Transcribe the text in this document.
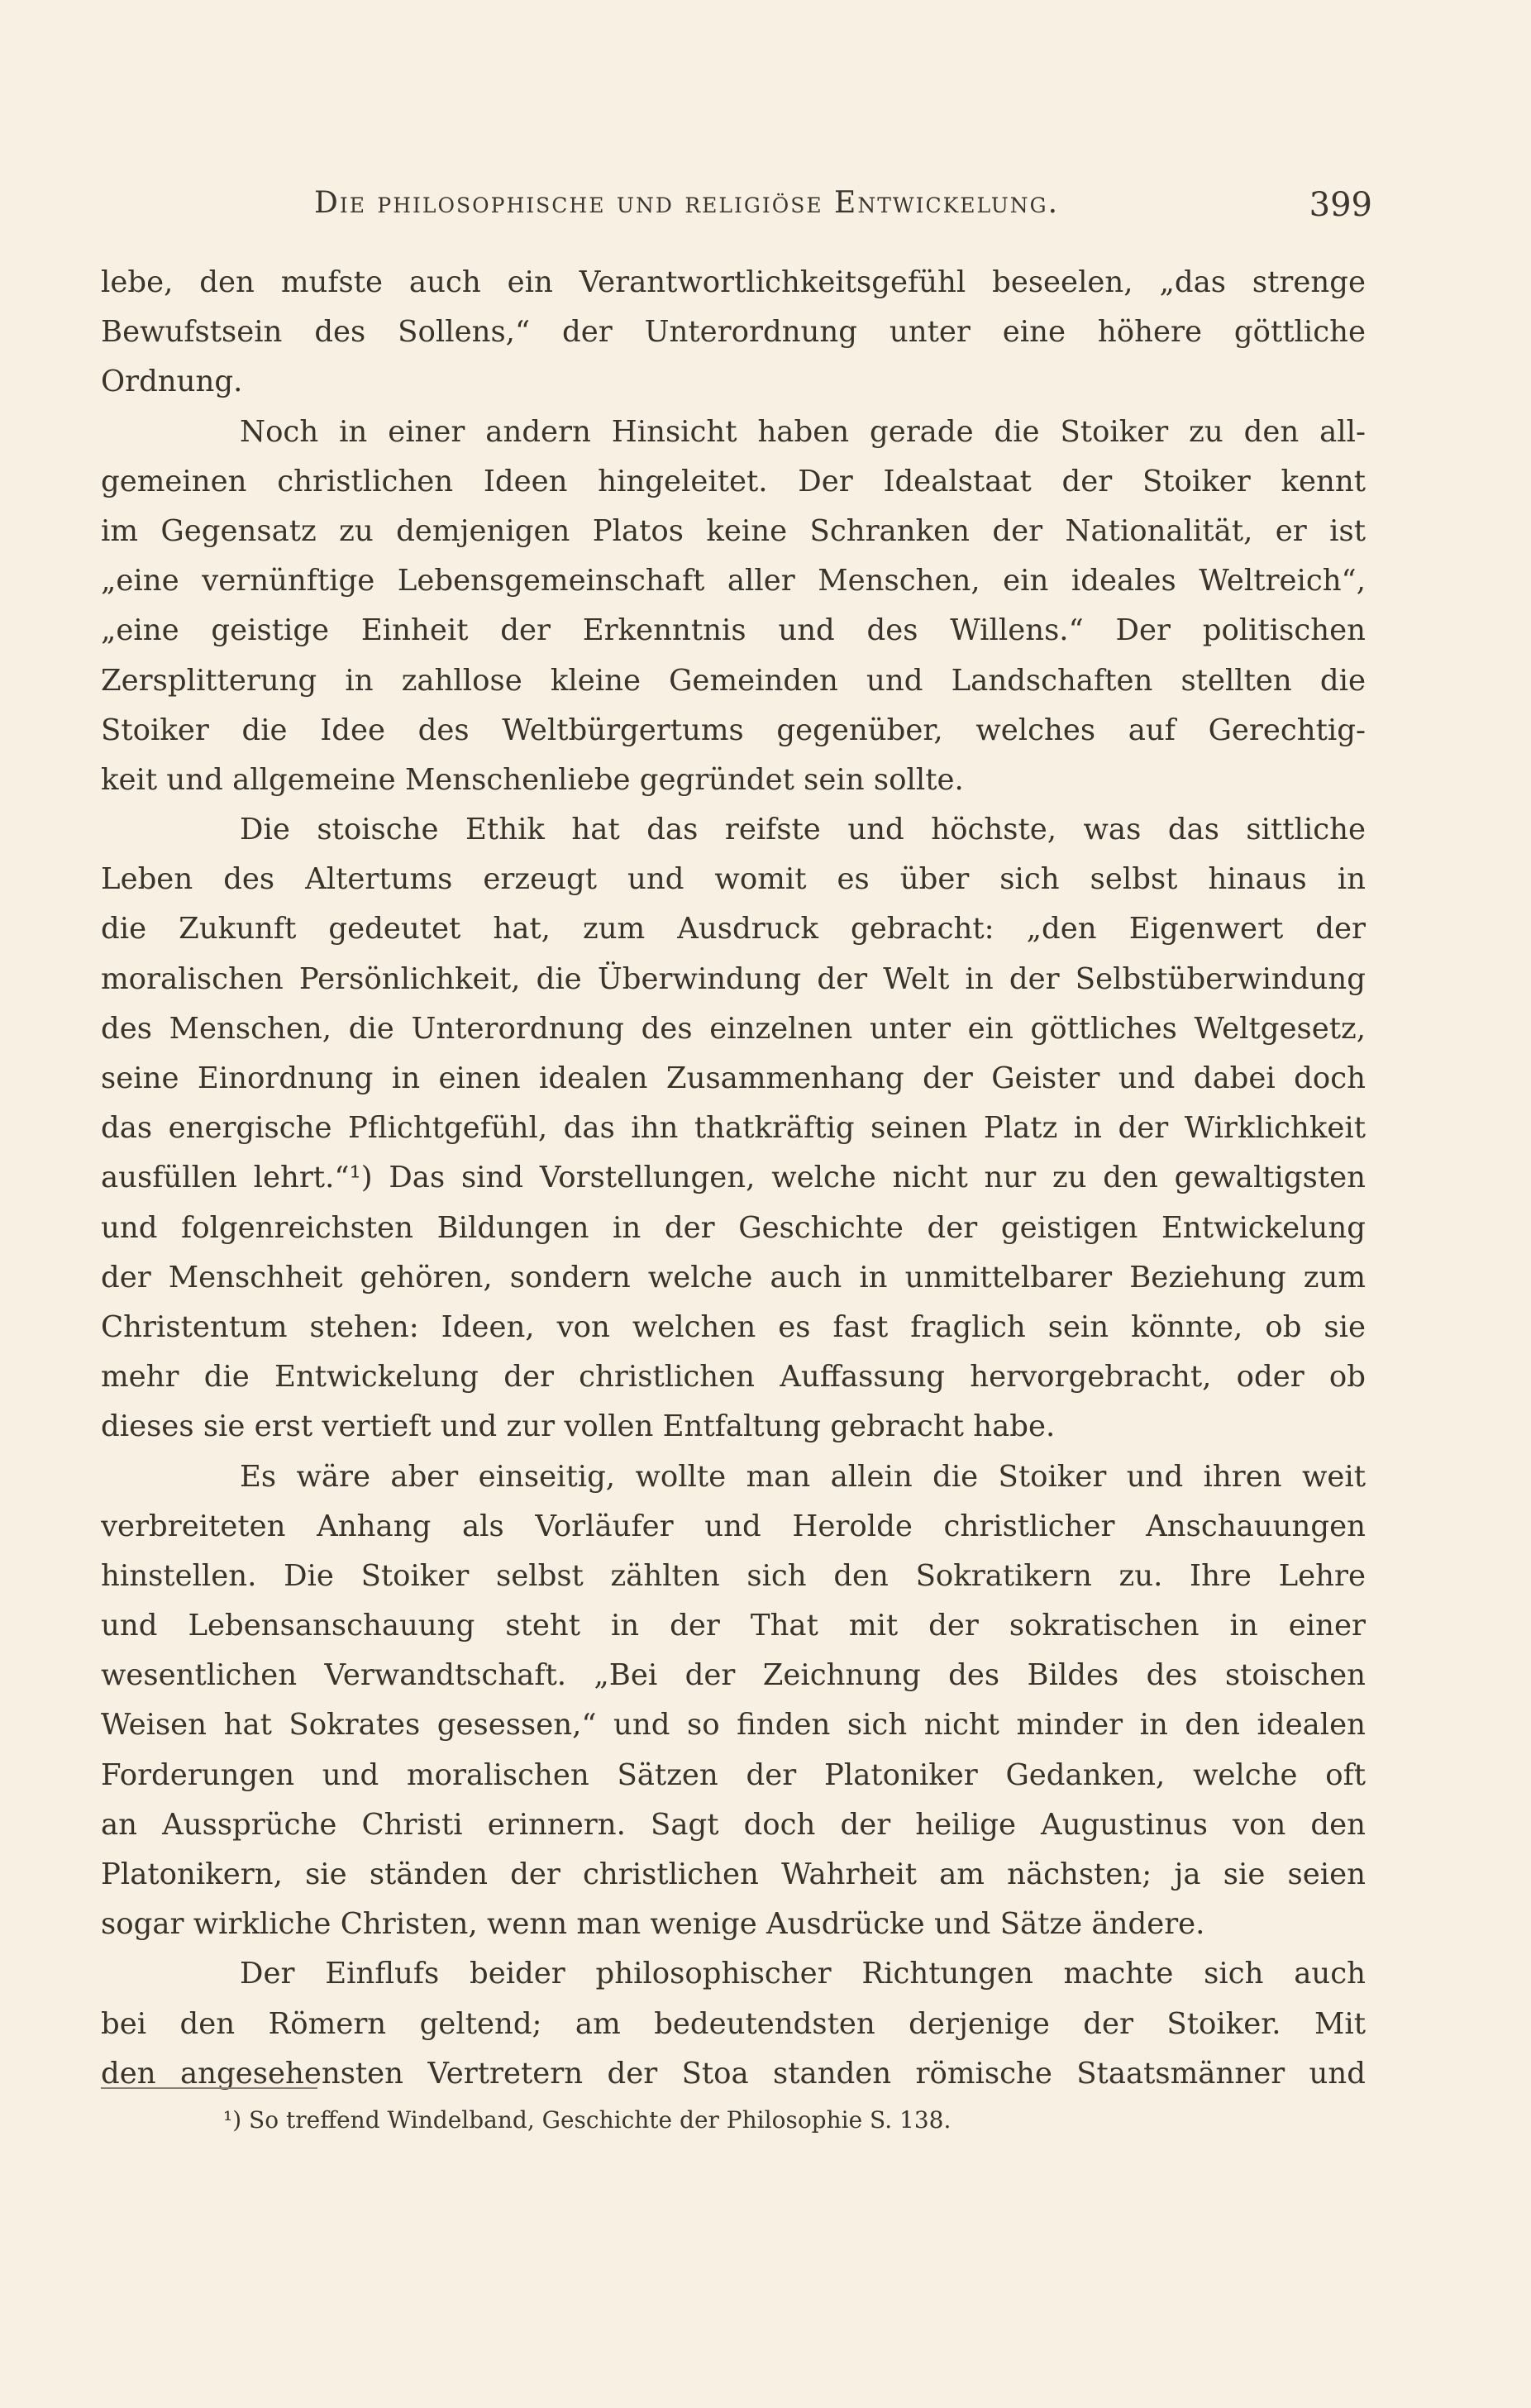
Die philosophische und religiöse Entwickelung.	399
lebe, den mufste auch ein Verantwortlichkeitsgefühl beseelen, „das strenge
Bewufstsein des Sollens,“ der Unterordnung unter eine höhere göttliche
Ordnung.
Noch in einer andern Hinsicht haben gerade die Stoiker zu den all-
gemeinen christlichen Ideen hingeleitet. Der Idealstaat der Stoiker kennt
im Gegensatz zu demjenigen Platos keine Schranken der Nationalität, er ist
„eine vernünftige Lebensgemeinschaft aller Menschen, ein ideales Weltreich“,
„eine geistige Einheit der Erkenntnis und des Willens.“ Der politischen
Zersplitterung in zahllose kleine Gemeinden und Landschaften stellten die
Stoiker die Idee des Weltbürgertums gegenüber, welches auf Gerechtig-
keit und allgemeine Menschenliebe gegründet sein sollte.
Die stoische Ethik hat das reifste und höchste, was das sittliche
Leben des Altertums erzeugt und womit es über sich selbst hinaus in
die Zukunft gedeutet hat, zum Ausdruck gebracht: „den Eigenwert der
moralischen Persönlichkeit, die Überwindung der Welt in der Selbstüberwindung
des Menschen, die Unterordnung des einzelnen unter ein göttliches Weltgesetz,
seine Einordnung in einen idealen Zusammenhang der Geister und dabei doch
das energische Pflichtgefühl, das ihn thatkräftig seinen Platz in der Wirklichkeit
ausfüllen lehrt.“¹) Das sind Vorstellungen, welche nicht nur zu den gewaltigsten
und folgenreichsten Bildungen in der Geschichte der geistigen Entwickelung
der Menschheit gehören, sondern welche auch in unmittelbarer Beziehung zum
Christentum stehen: Ideen, von welchen es fast fraglich sein könnte, ob sie
mehr die Entwickelung der christlichen Auffassung hervorgebracht, oder ob
dieses sie erst vertieft und zur vollen Entfaltung gebracht habe.
Es wäre aber einseitig, wollte man allein die Stoiker und ihren weit
verbreiteten Anhang als Vorläufer und Herolde christlicher Anschauungen
hinstellen. Die Stoiker selbst zählten sich den Sokratikern zu. Ihre Lehre
und Lebensanschauung steht in der That mit der sokratischen in einer
wesentlichen Verwandtschaft. „Bei der Zeichnung des Bildes des stoischen
Weisen hat Sokrates gesessen,“ und so finden sich nicht minder in den idealen
Forderungen und moralischen Sätzen der Platoniker Gedanken, welche oft
an Aussprüche Christi erinnern. Sagt doch der heilige Augustinus von den
Platonikern, sie ständen der christlichen Wahrheit am nächsten; ja sie seien
sogar wirkliche Christen, wenn man wenige Ausdrücke und Sätze ändere.
Der Einflufs beider philosophischer Richtungen machte sich auch
bei den Römern geltend; am bedeutendsten derjenige der Stoiker. Mit
den angesehensten Vertretern der Stoa standen römische Staatsmänner und
¹) So treffend Windelband, Geschichte der Philosophie S. 138.
